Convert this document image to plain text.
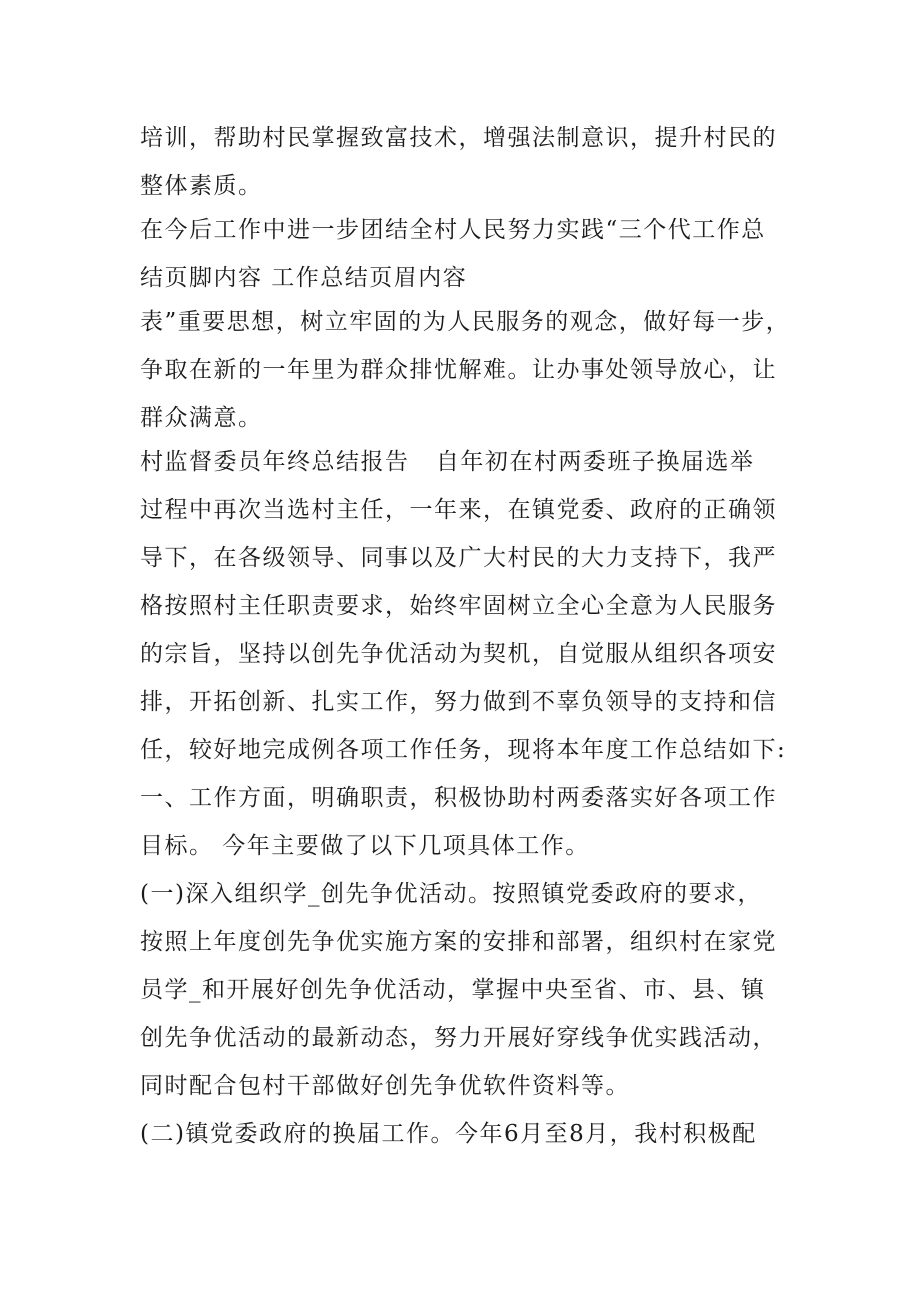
培训，帮助村民掌握致富技术，增强法制意识，提升村民的
整体素质。
在今后工作中进一步团结全村人民努力实践“三个代工作总
结页脚内容 工作总结页眉内容
表”重要思想，树立牢固的为人民服务的观念，做好每一步，
争取在新的一年里为群众排忧解难。让办事处领导放心，让
群众满意。
村监督委员年终总结报告   自年初在村两委班子换届选举
过程中再次当选村主任，一年来，在镇党委、政府的正确领
导下，在各级领导、同事以及广大村民的大力支持下，我严
格按照村主任职责要求，始终牢固树立全心全意为人民服务
的宗旨，坚持以创先争优活动为契机，自觉服从组织各项安
排，开拓创新、扎实工作，努力做到不辜负领导的支持和信
任，较好地完成例各项工作任务，现将本年度工作总结如下:
一、工作方面，明确职责，积极协助村两委落实好各项工作
目标。 今年主要做了以下几项具体工作。
(一)深入组织学_创先争优活动。按照镇党委政府的要求，
按照上年度创先争优实施方案的安排和部署，组织村在家党
员学_和开展好创先争优活动，掌握中央至省、市、县、镇
创先争优活动的最新动态，努力开展好穿线争优实践活动，
同时配合包村干部做好创先争优软件资料等。
(二)镇党委政府的换届工作。今年6月至8月，我村积极配
